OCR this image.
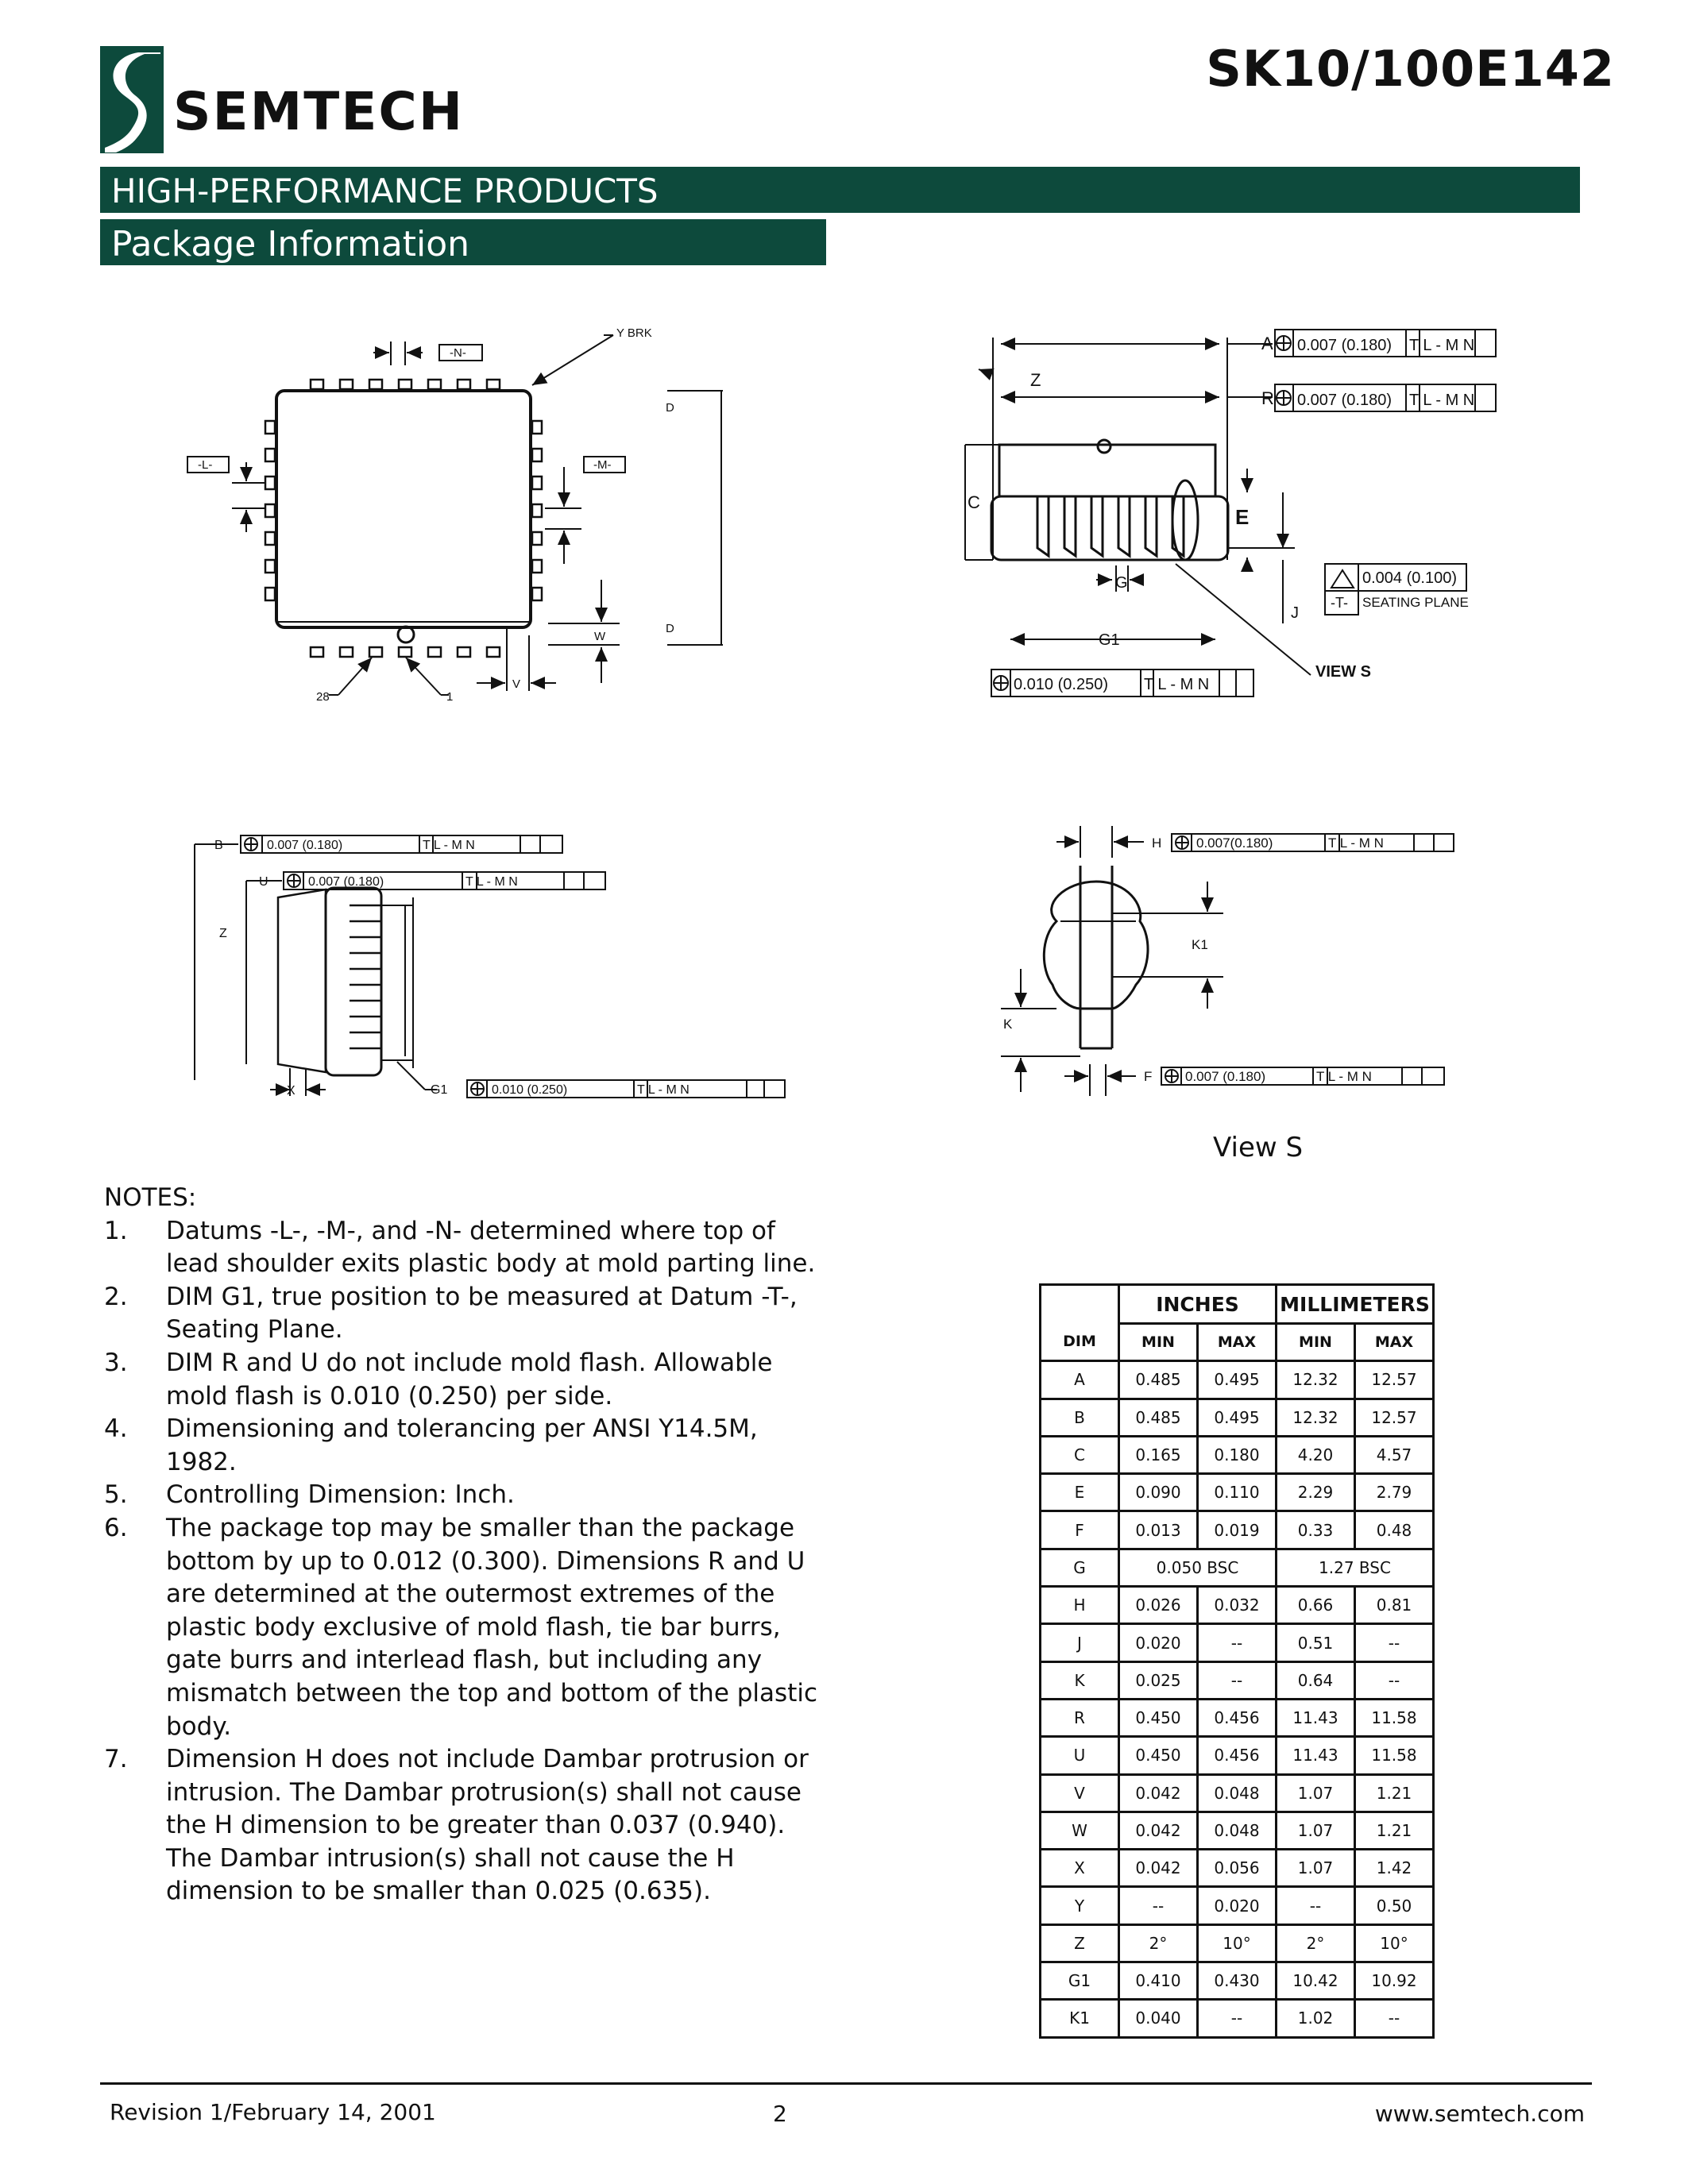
SEMTECH
SK10/100E142
HIGH-PERFORMANCE PRODUCTS
Package Information
-N-
-L-	-M-
Y BRK
D
D
W
V
28	1
A 0.007 (0.180) T L - M N
R 0.007 (0.180) T L - M N
Z
C
E
G
J
G1
VIEW S
0.004 (0.100)
-T- SEATING PLANE
0.010 (0.250) T L - M N
B	0.007 (0.180)	T L - M N
U	0.007 (0.180)	T L - M N
Z
X	G1	0.010 (0.250)	T L - M N
H	0.007(0.180)	T L - M N
K1
K
F 0.007 (0.180)	T L - M N
View S
NOTES:
1.	Datums -L-, -M-, and -N- determined where top of lead shoulder exits plastic body at mold parting line.
2.	DIM G1, true position to be measured at Datum -T-, Seating Plane.
3.	DIM R and U do not include mold flash. Allowable mold flash is 0.010 (0.250) per side.
4.	Dimensioning and tolerancing per ANSI Y14.5M, 1982.
5.	Controlling Dimension: Inch.
6.	The package top may be smaller than the package bottom by up to 0.012 (0.300). Dimensions R and U are determined at the outermost extremes of the plastic body exclusive of mold flash, tie bar burrs, gate burrs and interlead flash, but including any mismatch between the top and bottom of the plastic body.
7.	Dimension H does not include Dambar protrusion or intrusion. The Dambar protrusion(s) shall not cause the H dimension to be greater than 0.037 (0.940). The Dambar intrusion(s) shall not cause the H dimension to be smaller than 0.025 (0.635).
	INCHES		MILLIMETERS	
DIM	MIN	MAX	MIN	MAX
A	0.485	0.495	12.32	12.57
B	0.485	0.495	12.32	12.57
C	0.165	0.180	4.20	4.57
E	0.090	0.110	2.29	2.79
F	0.013	0.019	0.33	0.48
G	0.050 BSC		1.27 BSC	
H	0.026	0.032	0.66	0.81
J	0.020	--	0.51	--
K	0.025	--	0.64	--
R	0.450	0.456	11.43	11.58
U	0.450	0.456	11.43	11.58
V	0.042	0.048	1.07	1.21
W	0.042	0.048	1.07	1.21
X	0.042	0.056	1.07	1.42
Y	--	0.020	--	0.50
Z	2°	10°	2°	10°
G1	0.410	0.430	10.42	10.92
K1	0.040	--	1.02	--
Revision 1/February 14, 2001	2	www.semtech.com
